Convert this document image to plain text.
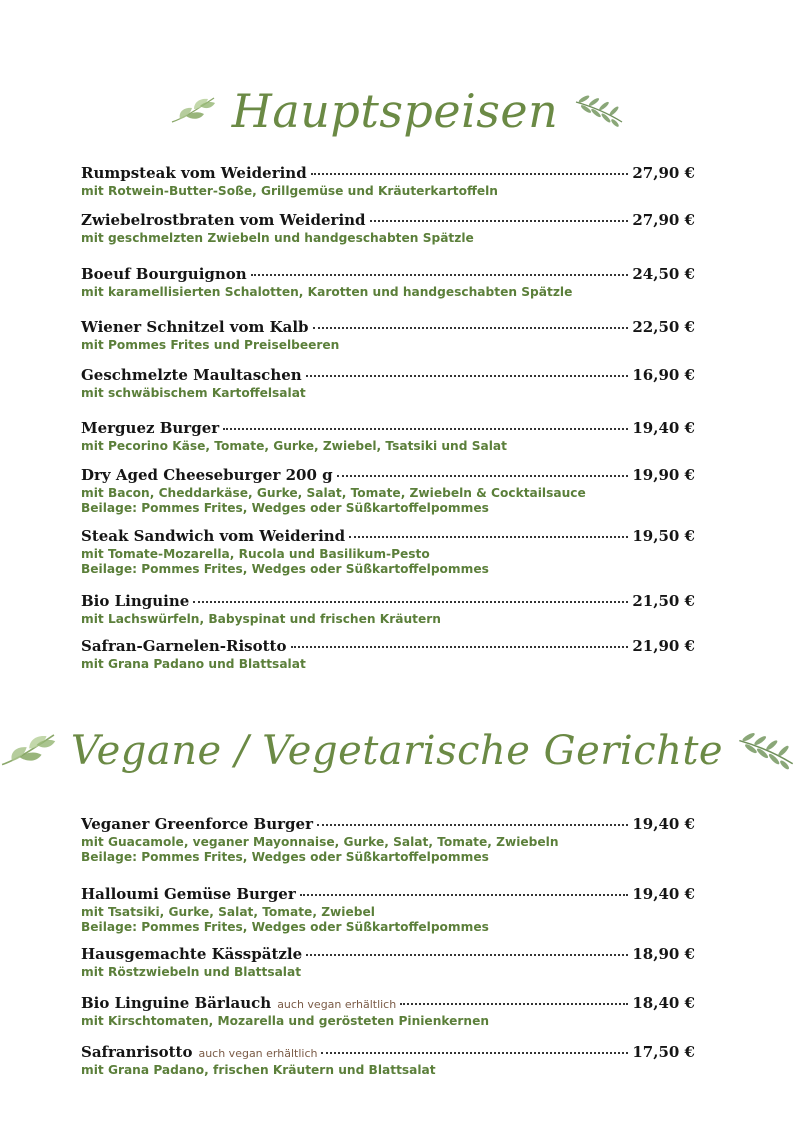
Hauptspeisen
Rumpsteak vom Weiderind	27,90 €
mit Rotwein-Butter-Soße, Grillgemüse und Kräuterkartoffeln
Zwiebelrostbraten vom Weiderind	27,90 €
mit geschmelzten Zwiebeln und handgeschabten Spätzle
Boeuf Bourguignon	24,50 €
mit karamellisierten Schalotten, Karotten und handgeschabten Spätzle
Wiener Schnitzel vom Kalb	22,50 €
mit Pommes Frites und Preiselbeeren
Geschmelzte Maultaschen	16,90 €
mit schwäbischem Kartoffelsalat
Merguez Burger	19,40 €
mit Pecorino Käse, Tomate, Gurke, Zwiebel, Tsatsiki und Salat
Dry Aged Cheeseburger 200 g	19,90 €
mit Bacon, Cheddarkäse, Gurke, Salat, Tomate, Zwiebeln & Cocktailsauce
Beilage: Pommes Frites, Wedges oder Süßkartoffelpommes
Steak Sandwich vom Weiderind	19,50 €
mit Tomate-Mozarella, Rucola und Basilikum-Pesto
Beilage: Pommes Frites, Wedges oder Süßkartoffelpommes
Bio Linguine	21,50 €
mit Lachswürfeln, Babyspinat und frischen Kräutern
Safran-Garnelen-Risotto	21,90 €
mit Grana Padano und Blattsalat
Vegane / Vegetarische Gerichte
Veganer Greenforce Burger	19,40 €
mit Guacamole, veganer Mayonnaise, Gurke, Salat, Tomate, Zwiebeln
Beilage: Pommes Frites, Wedges oder Süßkartoffelpommes
Halloumi Gemüse Burger	19,40 €
mit Tsatsiki, Gurke, Salat, Tomate, Zwiebel
Beilage: Pommes Frites, Wedges oder Süßkartoffelpommes
Hausgemachte Kässpätzle	18,90 €
mit Röstzwiebeln und Blattsalat
Bio Linguine Bärlauch auch vegan erhältlich	18,40 €
mit Kirschtomaten, Mozarella und gerösteten Pinienkernen
Safranrisotto auch vegan erhältlich	17,50 €
mit Grana Padano, frischen Kräutern und Blattsalat
